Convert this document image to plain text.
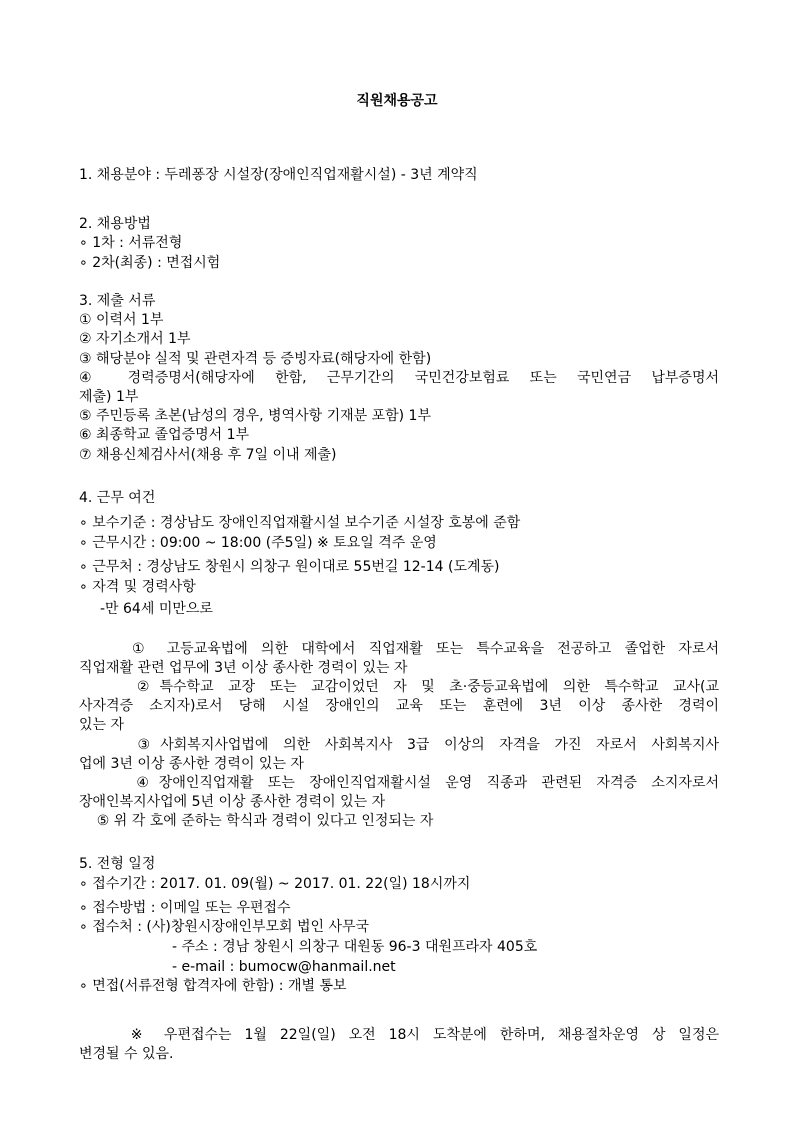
직원채용공고
1. 채용분야 : 두레퐁장 시설장(장애인직업재활시설) - 3년 계약직
2. 채용방법
∘ 1차 : 서류전형
∘ 2차(최종) : 면접시험
3. 제출 서류
① 이력서 1부
② 자기소개서 1부
③ 해당분야 실적 및 관련자격 등 증빙자료(해당자에 한함)
④ 경력증명서(해당자에 한함, 근무기간의 국민건강보험료 또는 국민연금 납부증명서
제출) 1부
⑤ 주민등록 초본(남성의 경우, 병역사항 기재분 포함) 1부
⑥ 최종학교 졸업증명서 1부
⑦ 채용신체검사서(채용 후 7일 이내 제출)
4. 근무 여건
∘ 보수기준 : 경상남도 장애인직업재활시설 보수기준 시설장 호봉에 준함
∘ 근무시간 : 09:00 ~ 18:00 (주5일) ※ 토요일 격주 운영
∘ 근무처 : 경상남도 창원시 의창구 원이대로 55번길 12-14 (도계동)
∘ 자격 및 경력사항
-만 64세 미만으로
① 고등교육법에 의한 대학에서 직업재활 또는 특수교육을 전공하고 졸업한 자로서
직업재활 관련 업무에 3년 이상 종사한 경력이 있는 자
②특수학교 교장 또는 교감이었던 자 및 초·중등교육법에 의한 특수학교 교사(교
사자격증 소지자)로서 당해 시설 장애인의 교육 또는 훈련에 3년 이상 종사한 경력이
있는 자
③사회복지사업법에 의한 사회복지사 3급 이상의 자격을 가진 자로서 사회복지사
업에 3년 이상 종사한 경력이 있는 자
④장애인직업재활 또는 장애인직업재활시설 운영 직종과 관련된 자격증 소지자로서
장애인복지사업에 5년 이상 종사한 경력이 있는 자
⑤ 위 각 호에 준하는 학식과 경력이 있다고 인정되는 자
5. 전형 일정
∘ 접수기간 : 2017. 01. 09(월) ~ 2017. 01. 22(일) 18시까지
∘ 접수방법 : 이메일 또는 우편접수
∘ 접수처 : (사)창원시장애인부모회 법인 사무국
- 주소 : 경남 창원시 의창구 대원동 96-3 대원프라자 405호
- e-mail : bumocw@hanmail.net
∘ 면접(서류전형 합격자에 한함) : 개별 통보
※ 우편접수는 1월 22일(일) 오전 18시 도착분에 한하며, 채용절차운영 상 일정은
변경될 수 있음.
